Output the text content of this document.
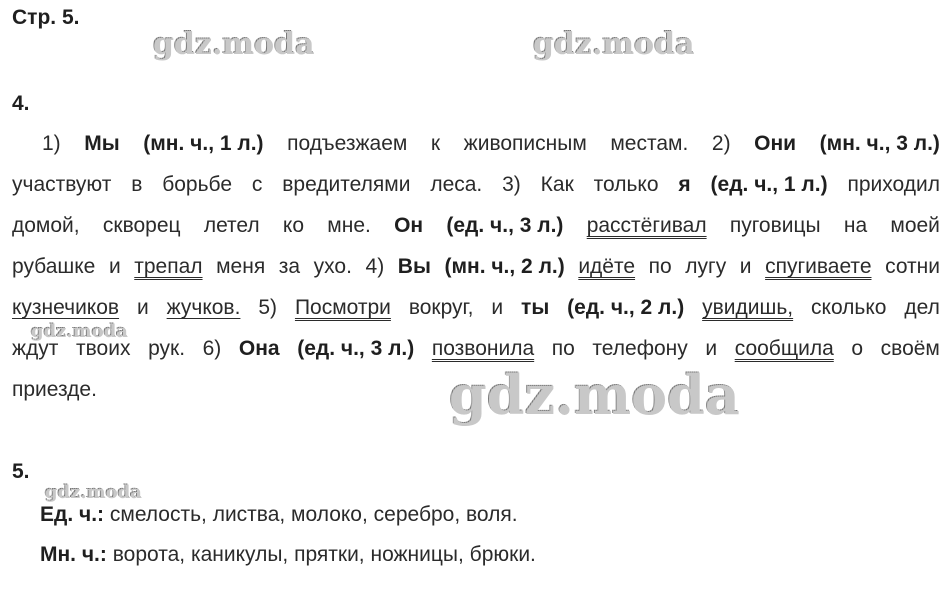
Стр. 5.
gdz.moda	gdz.moda
gdz.moda
gdz.moda
gdz.moda
4.
1) Мы (мн. ч., 1 л.) подъезжаем к живописным местам. 2) Они (мн. ч., 3 л.)
участвуют в борьбе с вредителями леса. 3) Как только я (ед. ч., 1 л.) приходил
домой, скворец летел ко мне. Он (ед. ч., 3 л.) расстёгивал пуговицы на моей
рубашке и трепал меня за ухо. 4) Вы (мн. ч., 2 л.) идёте по лугу и спугиваете сотни
кузнечиков и жучков. 5) Посмотри вокруг, и ты (ед. ч., 2 л.) увидишь, сколько дел
ждут твоих рук. 6) Она (ед. ч., 3 л.) позвонила по телефону и сообщила о своём
приезде.
5.
Ед. ч.: смелость, листва, молоко, серебро, воля.
Мн. ч.: ворота, каникулы, прятки, ножницы, брюки.
